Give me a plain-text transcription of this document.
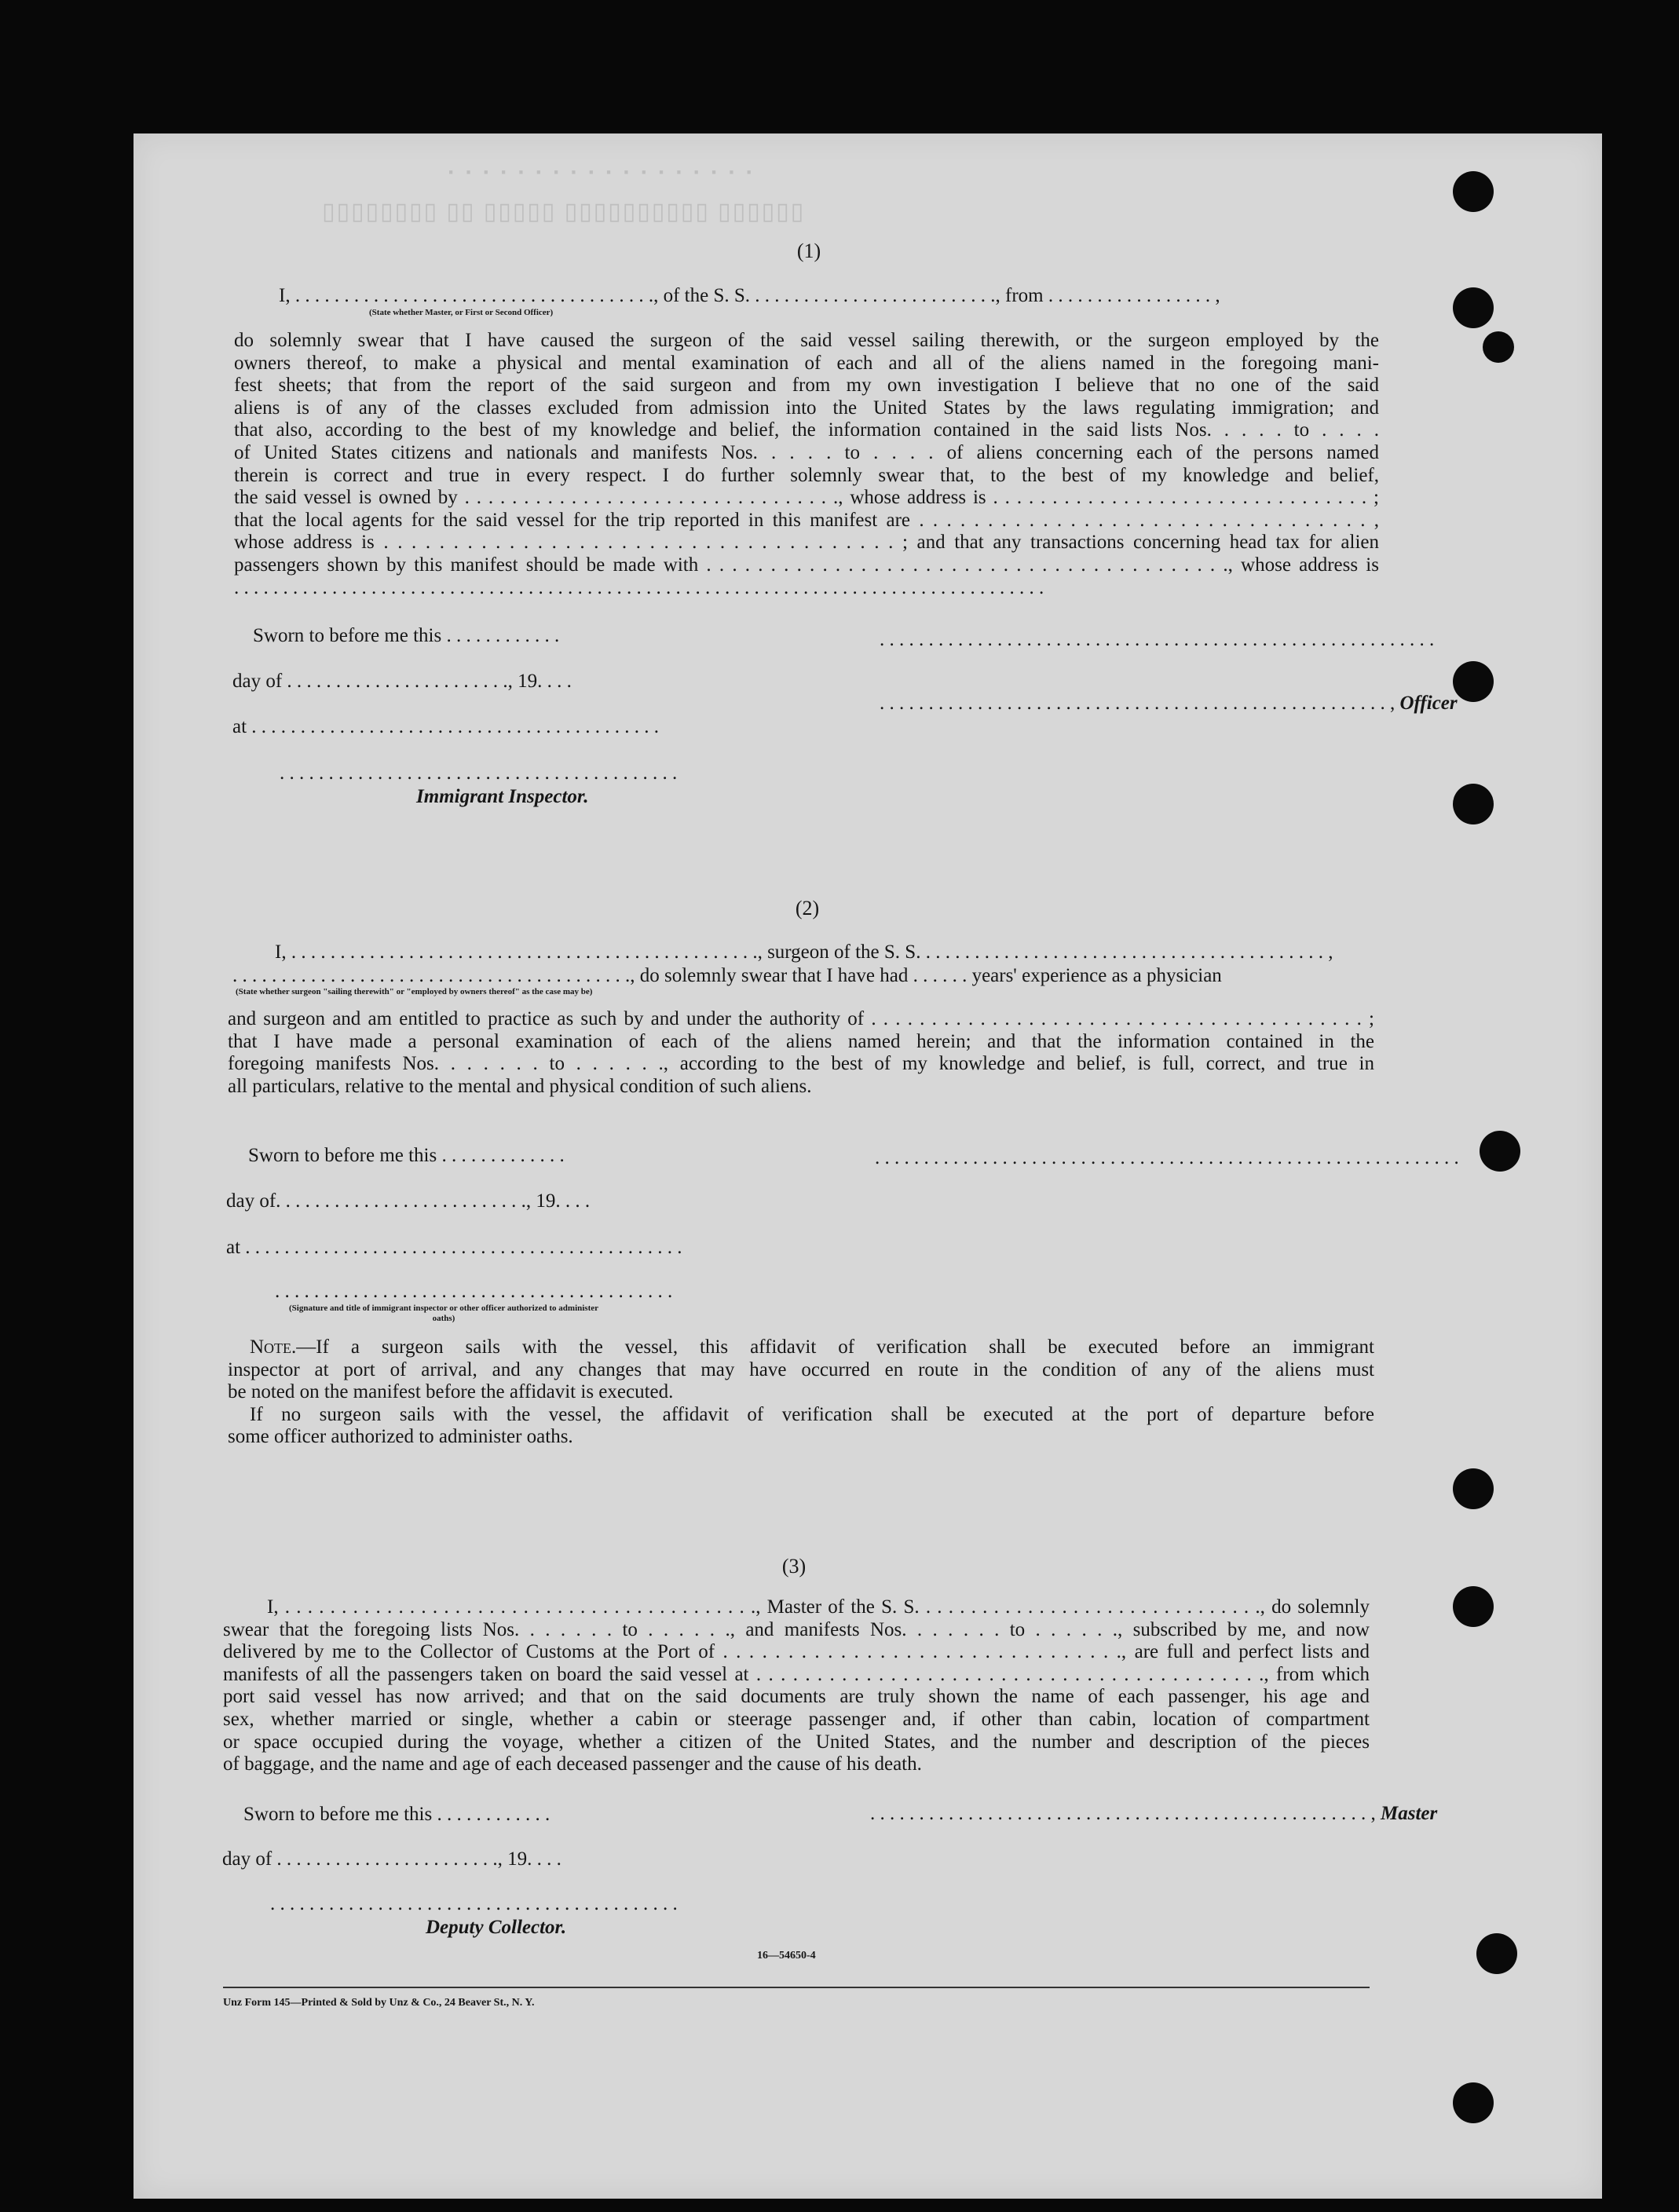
· · · · · · · · · · · · · · · · · ·
▯▯▯▯▯▯▯▯ ▯▯ ▯▯▯▯▯ ▯▯▯▯▯▯▯▯▯▯ ▯▯▯▯▯▯
(1)
I, . . . . . . . . . . . . . . . . . . . . . . . . . . . . . . . . . . . . ., of the S. S. . . . . . . . . . . . . . . . . . . . . . . . . ., from . . . . . . . . . . . . . . . . . ,
(State whether Master, or First or Second Officer)
do solemnly swear that I have caused the surgeon of the said vessel sailing therewith, or the surgeon employed by the
owners thereof, to make a physical and mental examination of each and all of the aliens named in the foregoing mani-
fest sheets; that from the report of the said surgeon and from my own investigation I believe that no one of the said
aliens is of any of the classes excluded from admission into the United States by the laws regulating immigration; and
that also, according to the best of my knowledge and belief, the information contained in the said lists Nos. . . . . to . . . .
of United States citizens and nationals and manifests Nos. . . . . to . . . . of aliens concerning each of the persons named
therein is correct and true in every respect. I do further solemnly swear that, to the best of my knowledge and belief,
the said vessel is owned by . . . . . . . . . . . . . . . . . . . . . . . . . . . . . . . ., whose address is . . . . . . . . . . . . . . . . . . . . . . . . . . . . . . . . ;
that the local agents for the said vessel for the trip reported in this manifest are . . . . . . . . . . . . . . . . . . . . . . . . . . . . . . . . . ,
whose address is . . . . . . . . . . . . . . . . . . . . . . . . . . . . . . . . . . . . . ; and that any transactions concerning head tax for alien
passengers shown by this manifest should be made with . . . . . . . . . . . . . . . . . . . . . . . . . . . . . . . . . . . . . . . . ., whose address is
. . . . . . . . . . . . . . . . . . . . . . . . . . . . . . . . . . . . . . . . . . . . . . . . . . . . . . . . . . . . . . . . . . . . . . . . . . . . . . . . . . .
Sworn to before me this . . . . . . . . . . . .
day of . . . . . . . . . . . . . . . . . . . . . . ., 19. . . .
at . . . . . . . . . . . . . . . . . . . . . . . . . . . . . . . . . . . . . . . . . .
. . . . . . . . . . . . . . . . . . . . . . . . . . . . . . . . . . . . . . . . .
Immigrant Inspector.
. . . . . . . . . . . . . . . . . . . . . . . . . . . . . . . . . . . . . . . . . . . . . . . . . . . . . . . . .
. . . . . . . . . . . . . . . . . . . . . . . . . . . . . . . . . . . . . . . . . . . . . . . . . . . . , Officer
(2)
I, . . . . . . . . . . . . . . . . . . . . . . . . . . . . . . . . . . . . . . . . . . . . . . . ., surgeon of the S. S. . . . . . . . . . . . . . . . . . . . . . . . . . . . . . . . . . . . . . . . . . ,
. . . . . . . . . . . . . . . . . . . . . . . . . . . . . . . . . . . . . . . . ., do solemnly swear that I have had . . . . . . years' experience as a physician
(State whether surgeon "sailing therewith" or "employed by owners thereof" as the case may be)
and surgeon and am entitled to practice as such by and under the authority of . . . . . . . . . . . . . . . . . . . . . . . . . . . . . . . . . . . . . . . . . ;
that I have made a personal examination of each of the aliens named herein; and that the information contained in the
foregoing manifests Nos. . . . . . . to . . . . . ., according to the best of my knowledge and belief, is full, correct, and true in
all particulars, relative to the mental and physical condition of such aliens.
Sworn to before me this . . . . . . . . . . . . .
day of. . . . . . . . . . . . . . . . . . . . . . . . . ., 19. . . .
at . . . . . . . . . . . . . . . . . . . . . . . . . . . . . . . . . . . . . . . . . . . . .
. . . . . . . . . . . . . . . . . . . . . . . . . . . . . . . . . . . . . . . . .
(Signature and title of immigrant inspector or other officer authorized to administer oaths)
. . . . . . . . . . . . . . . . . . . . . . . . . . . . . . . . . . . . . . . . . . . . . . . . . . . . . . . . . . . .
Note.—If a surgeon sails with the vessel, this affidavit of verification shall be executed before an immigrant
inspector at port of arrival, and any changes that may have occurred en route in the condition of any of the aliens must
be noted on the manifest before the affidavit is executed.
If no surgeon sails with the vessel, the affidavit of verification shall be executed at the port of departure before
some officer authorized to administer oaths.
(3)
I, . . . . . . . . . . . . . . . . . . . . . . . . . . . . . . . . . . . . . . . . . ., Master of the S. S. . . . . . . . . . . . . . . . . . . . . . . . . . . . . . ., do solemnly
swear that the foregoing lists Nos. . . . . . . to . . . . . ., and manifests Nos. . . . . . . to . . . . . ., subscribed by me, and now
delivered by me to the Collector of Customs at the Port of . . . . . . . . . . . . . . . . . . . . . . . . . . . . . . ., are full and perfect lists and
manifests of all the passengers taken on board the said vessel at . . . . . . . . . . . . . . . . . . . . . . . . . . . . . . . . . . . . . . . . . ., from which
port said vessel has now arrived; and that on the said documents are truly shown the name of each passenger, his age and
sex, whether married or single, whether a cabin or steerage passenger and, if other than cabin, location of compartment
or space occupied during the voyage, whether a citizen of the United States, and the number and description of the pieces
of baggage, and the name and age of each deceased passenger and the cause of his death.
Sworn to before me this . . . . . . . . . . . .
day of . . . . . . . . . . . . . . . . . . . . . . ., 19. . . .
. . . . . . . . . . . . . . . . . . . . . . . . . . . . . . . . . . . . . . . . . .
Deputy Collector.
. . . . . . . . . . . . . . . . . . . . . . . . . . . . . . . . . . . . . . . . . . . . . . . . . . . , Master
16—54650-4
Unz Form 145—Printed & Sold by Unz & Co., 24 Beaver St., N. Y.
